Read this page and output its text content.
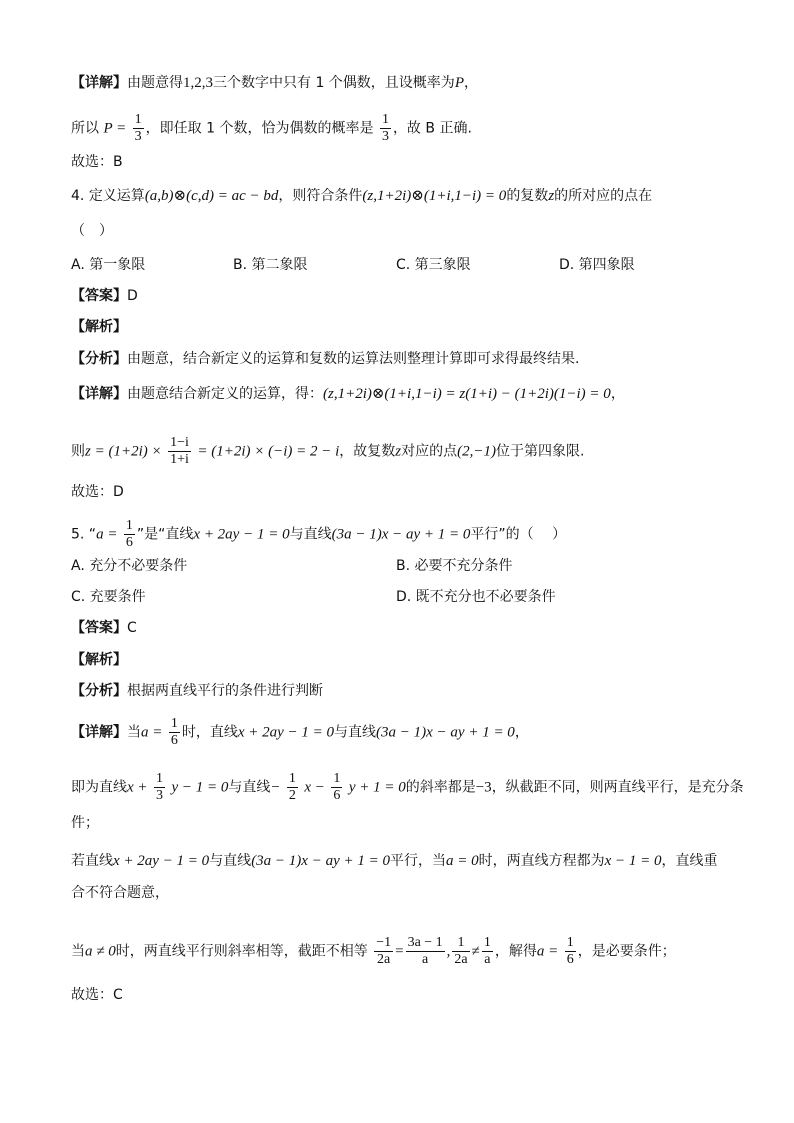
【详解】由题意得1,2,3三个数字中只有 1 个偶数，且设概率为P，
所以 $P = \frac{1}{3}$ ，即任取 1 个数，恰为偶数的概率是 $\frac{1}{3}$ ，故 B 正确.
故选：B
4. 定义运算(a,b)⊗(c,d) = ac − bd，则符合条件(z,1+2i)⊗(1+i,1−i) = 0的复数z的所对应的点在
（　）
A. 第一象限	B. 第二象限	C. 第三象限	D. 第四象限
【答案】D
【解析】
【分析】由题意，结合新定义的运算和复数的运算法则整理计算即可求得最终结果.
【详解】由题意结合新定义的运算，得：(z,1+2i)⊗(1+i,1−i) = z(1+i) − (1+2i)(1−i) = 0，
则$z = (1+2i) \times \frac{1-i}{1+i} = (1+2i) \times (-i) = 2 - i$，故复数z对应的点(2,−1)位于第四象限.
故选：D
5. “$a = \frac{1}{6}$ ”是“直线x + 2ay − 1 = 0与直线(3a − 1)x − ay + 1 = 0平行”的（　 ）
A. 充分不必要条件	B. 必要不充分条件
C. 充要条件	D. 既不充分也不必要条件
【答案】C
【解析】
【分析】根据两直线平行的条件进行判断
【详解】当$a = \frac{1}{6}$ 时，直线x + 2ay − 1 = 0与直线(3a − 1)x − ay + 1 = 0，
即为直线$x + \frac{1}{3}$ y − 1 = 0与直线− $\frac{1}{2}$ $x - \frac{1}{6}$ y + 1 = 0的斜率都是−3，纵截距不同，则两直线平行，是充分条
件；
若直线x + 2ay − 1 = 0与直线(3a − 1)x − ay + 1 = 0平行，当a = 0时，两直线方程都为x − 1 = 0，直线重
合不符合题意，
当a ≠ 0时，两直线平行则斜率相等，截距不相等 $\frac{-1}{2a} = \frac{3a - 1}{a}$ , $\frac{1}{2a} \ne \frac{1}{a}$ ，解得$a = \frac{1}{6}$ ，是必要条件；
故选：C
